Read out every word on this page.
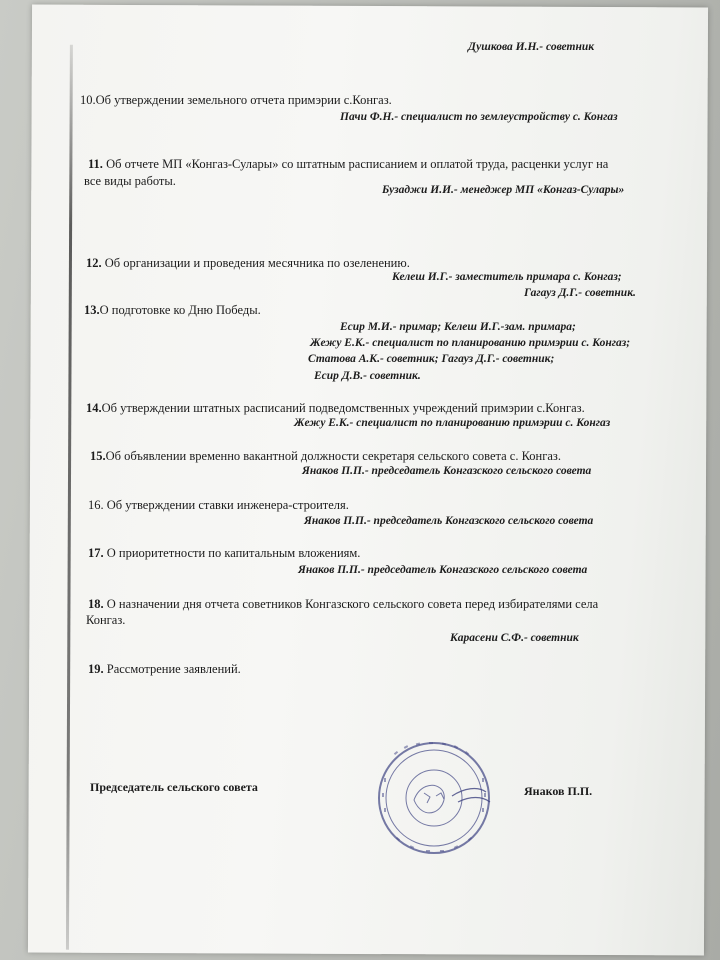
Душкова И.Н.- советник
10.Об утверждении земельного отчета примэрии с.Конгаз.
Пачи Ф.Н.- специалист по землеустройству с. Конгаз
11. Об отчете МП «Конгаз-Сулары» со штатным расписанием и оплатой труда, расценки услуг на
все виды работы.
Бузаджи И.И.- менеджер МП «Конгаз-Сулары»
12. Об организации и проведения месячника по озеленению.
Келеш И.Г.- заместитель примара с. Конгаз;
Гагауз Д.Г.- советник.
13.О подготовке ко Дню Победы.
Есир М.И.- примар; Келеш И.Г.-зам. примара;
Жежу Е.К.- специалист по планированию примэрии с. Конгаз;
Статова А.К.- советник; Гагауз Д.Г.- советник;
Есир Д.В.- советник.
14.Об утверждении штатных расписаний подведомственных учреждений примэрии с.Конгаз.
Жежу Е.К.- специалист по планированию примэрии с. Конгаз
15.Об объявлении временно вакантной должности секретаря сельского совета с. Конгаз.
Янаков П.П.- председатель Конгазского сельского совета
16. Об утверждении ставки инженера-строителя.
Янаков П.П.- председатель Конгазского сельского совета
17. О приоритетности по капитальным вложениям.
Янаков П.П.- председатель Конгазского сельского совета
18. О назначении дня отчета советников Конгазского сельского совета перед избирателями села
Конгаз.
Карасени С.Ф.- советник
19. Рассмотрение заявлений.
Председатель сельского совета	Янаков П.П.
